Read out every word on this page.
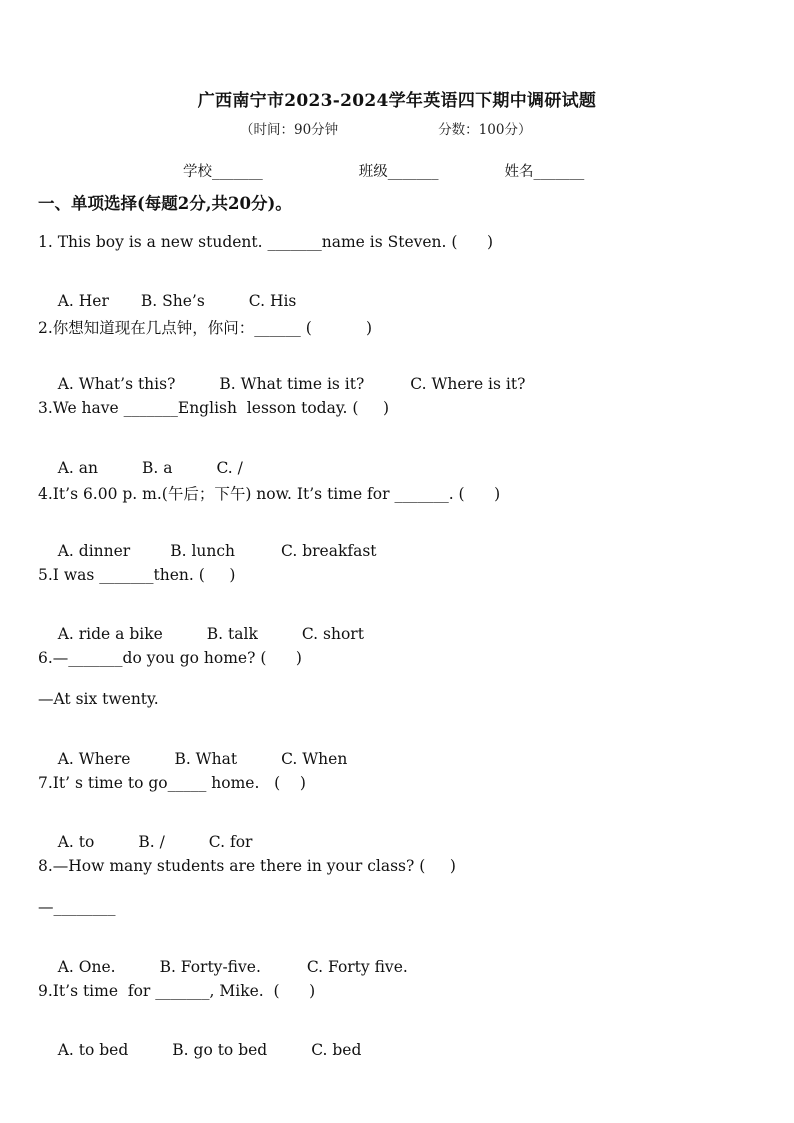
广西南宁市2023-2024学年英语四下期中调研试题
（时间：90分钟	分数：100分）
学校_______	班级_______	姓名_______
一、单项选择(每题2分,共20分)。
1. This boy is a new student. _______name is Steven. (      )

A. Her B. She’s	C. His

2.你想知道现在几点钟，你问：______ (           )

A. What’s this?	B. What time is it?	C. Where is it?

3.We have _______English  lesson today. (     )

A. an	B. a	C. /

4.It’s 6.00 p. m.(午后；下午) now. It’s time for _______. (      )

A. dinner	B. lunch	C. breakfast

5.I was _______then. (     )

A. ride a bike	B. talk	C. short

6.—_______do you go home? (      )
—At six twenty.

A. Where	B. What	C. When

7.It’ s time to go_____ home.   (    )

A. to	B. /	C. for

8.—How many students are there in your class? (     )
—________

A. One.	B. Forty-five.	C. Forty five.

9.It’s time  for _______, Mike.  (      )

A. to bed	B. go to bed	C. bed
